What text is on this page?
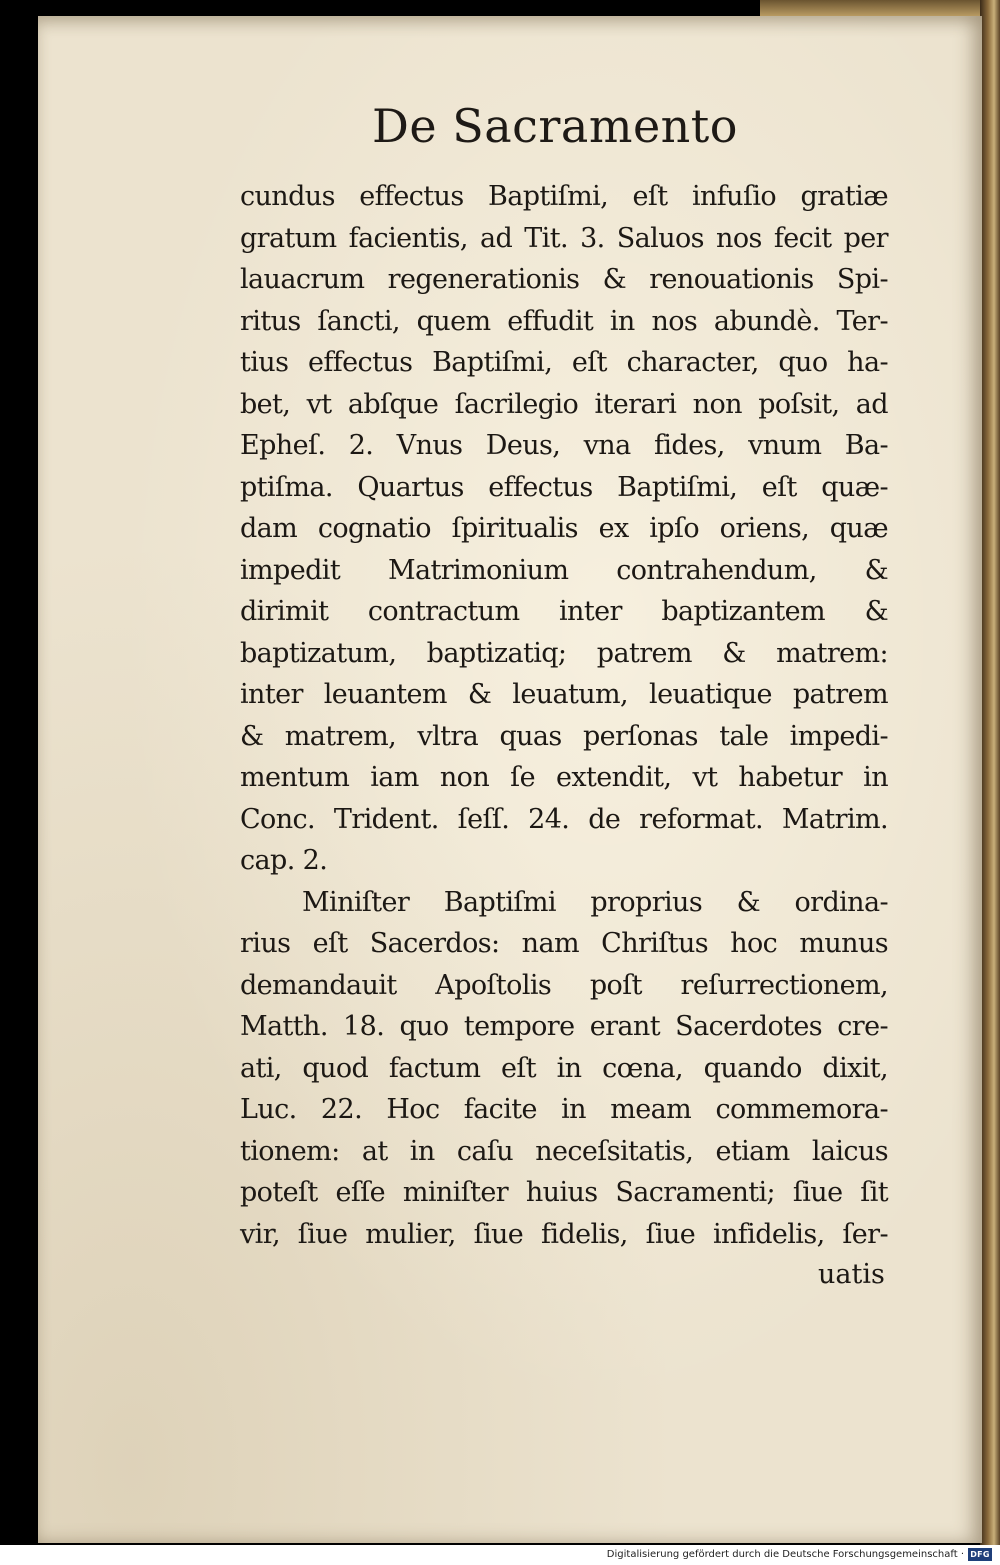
De Sacramento
cundus effectus Baptiſmi, eſt infuſio gratiæ
gratum facientis, ad Tit. 3. Saluos nos fecit per
lauacrum regenerationis & renouationis Spi-
ritus ſancti, quem effudit in nos abundè. Ter-
tius effectus Baptiſmi, eſt character, quo ha-
bet, vt abſque ſacrilegio iterari non poſsit, ad
Epheſ. 2. Vnus Deus, vna fides, vnum Ba-
ptiſma. Quartus effectus Baptiſmi, eſt quæ-
dam cognatio ſpiritualis ex ipſo oriens, quæ
impedit Matrimonium contrahendum, &
dirimit contractum inter baptizantem &
baptizatum, baptizatiq; patrem & matrem:
inter leuantem & leuatum, leuatique patrem
& matrem, vltra quas perſonas tale impedi-
mentum iam non ſe extendit, vt habetur in
Conc. Trident. ſeſſ. 24. de reformat. Matrim.
cap. 2.
Miniſter Baptiſmi proprius & ordina-
rius eſt Sacerdos: nam Chriſtus hoc munus
demandauit Apoſtolis poſt reſurrectionem,
Matth. 18. quo tempore erant Sacerdotes cre-
ati, quod factum eſt in cœna, quando dixit,
Luc. 22. Hoc facite in meam commemora-
tionem: at in caſu neceſsitatis, etiam laicus
poteſt eſſe miniſter huius Sacramenti; ſiue ſit
vir, ſiue mulier, ſiue fidelis, ſiue infidelis, ſer-
uatis
Digitalisierung gefördert durch die Deutsche Forschungsgemeinschaft · DFG
